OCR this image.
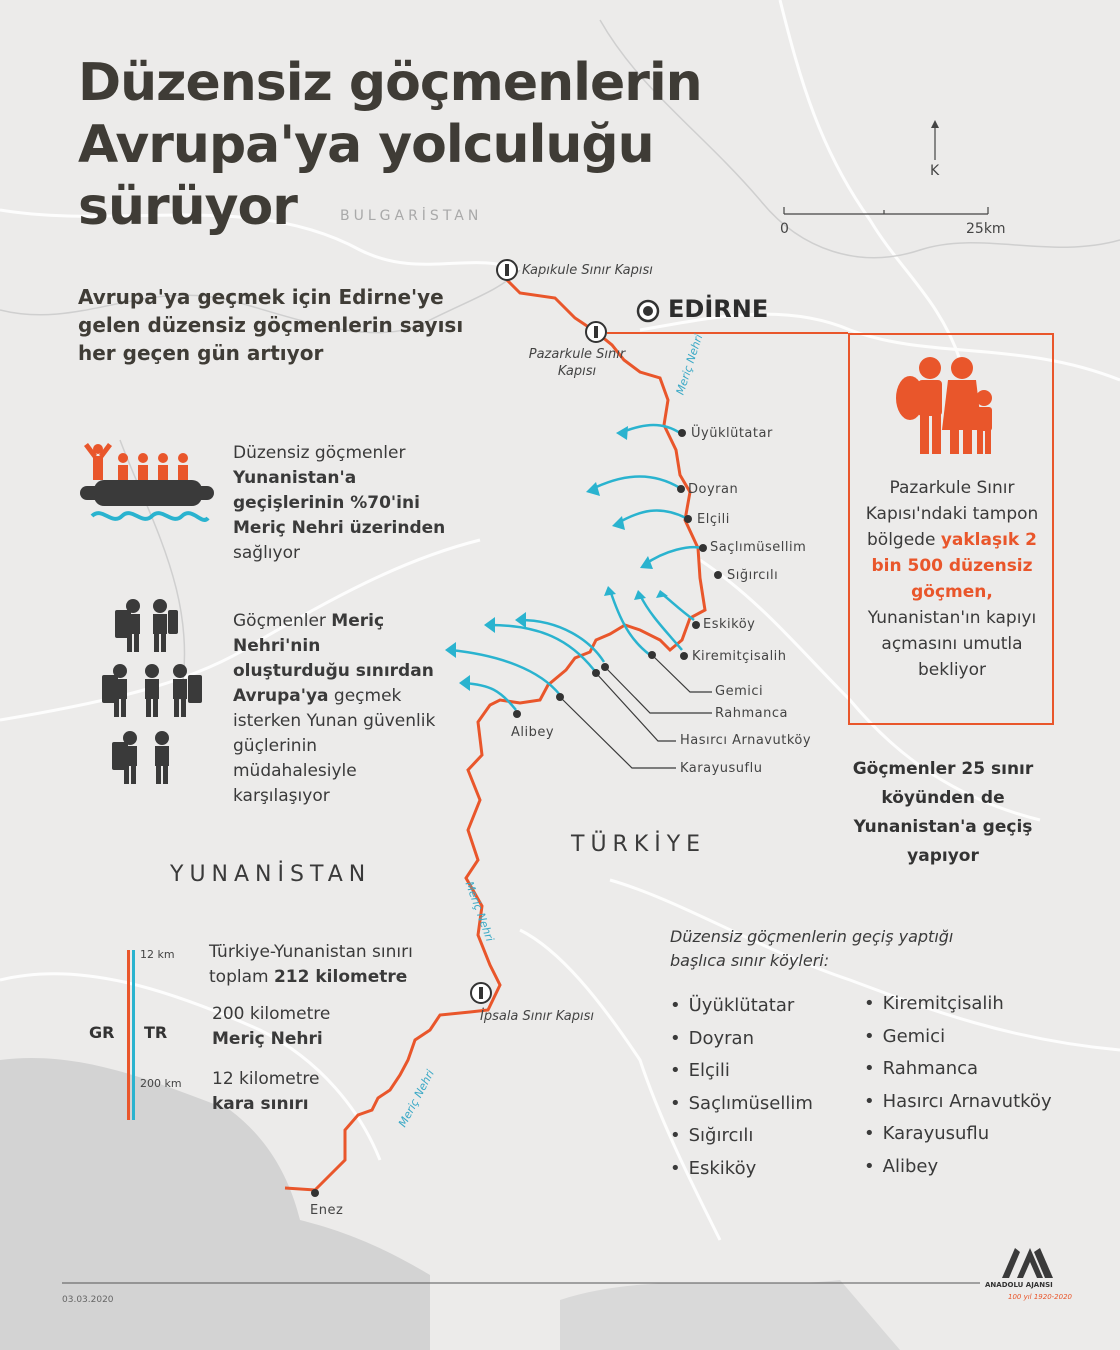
Düzensiz göçmenlerin Avrupa'ya yolculuğu sürüyor
Avrupa'ya geçmek için Edirne'ye gelen düzensiz göçmenlerin sayısı her geçen gün artıyor
BULGARİSTAN
TÜRKİYE
YUNANİSTAN
EDİRNE
K
0	25km
Kapıkule Sınır Kapısı
Pazarkule Sınır Kapısı
İpsala Sınır Kapısı
Meriç Nehri
Meriç Nehri
Meriç Nehri
Üyüklütatar
Doyran
Elçili
Saçlımüsellim
Sığırcılı
Eskiköy
Kiremitçisalih
Gemici
Rahmanca
Hasırcı Arnavutköy
Karayusuflu
Alibey
Enez
Düzensiz göçmenler
Yunanistan'a geçişlerinin %70'ini Meriç Nehri üzerinden sağlıyor
Göçmenler Meriç Nehri'nin oluşturduğu sınırdan Avrupa'ya geçmek isterken Yunan güvenlik güçlerinin müdahalesiyle karşılaşıyor
Pazarkule Sınır Kapısı'ndaki tampon bölgede yaklaşık 2 bin 500 düzensiz göçmen, Yunanistan'ın kapıyı açmasını umutla bekliyor
Göçmenler 25 sınır köyünden de Yunanistan'a geçiş yapıyor
Düzensiz göçmenlerin geçiş yaptığı başlıca sınır köyleri:
• Üyüklütatar
• Doyran
• Elçili
• Saçlımüsellim
• Sığırcılı
• Eskiköy
• Kiremitçisalih
• Gemici
• Rahmanca
• Hasırcı Arnavutköy
• Karayusuflu
• Alibey
12 km
200 km
GR TR
Türkiye-Yunanistan sınırı
toplam 212 kilometre
200 kilometre
Meriç Nehri
12 kilometre
kara sınırı
03.03.2020
ANADOLU AJANSI
100 yıl 1920-2020
